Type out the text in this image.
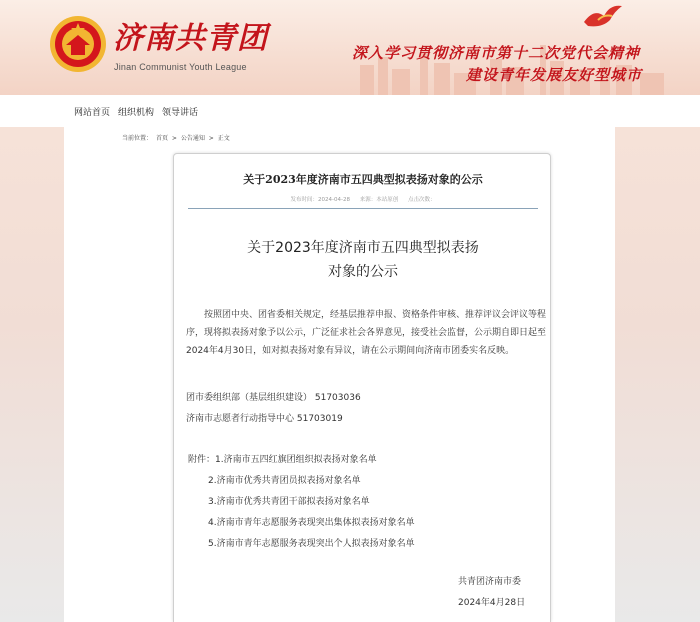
济南共青团
Jinan Communist Youth League
深入学习贯彻济南市第十二次党代会精神
建设青年发展友好型城市
网站首页 组织机构 领导讲话
当前位置： 首页 > 公告通知 > 正文
关于2023年度济南市五四典型拟表扬对象的公示
发布时间：2024-04-28 来源：本站原创 点击次数：
关于2023年度济南市五四典型拟表扬
对象的公示
按照团中央、团省委相关规定，经基层推荐申报、资格条件审核、推荐评议会评议等程序，现将拟表扬对象予以公示，广泛征求社会各界意见，接受社会监督，公示期自即日起至2024年4月30日，如对拟表扬对象有异议，请在公示期间向济南市团委实名反映。
团市委组织部（基层组织建设） 51703036
济南市志愿者行动指导中心 51703019
附件：1.济南市五四红旗团组织拟表扬对象名单
2.济南市优秀共青团员拟表扬对象名单
3.济南市优秀共青团干部拟表扬对象名单
4.济南市青年志愿服务表现突出集体拟表扬对象名单
5.济南市青年志愿服务表现突出个人拟表扬对象名单
共青团济南市委
2024年4月28日
